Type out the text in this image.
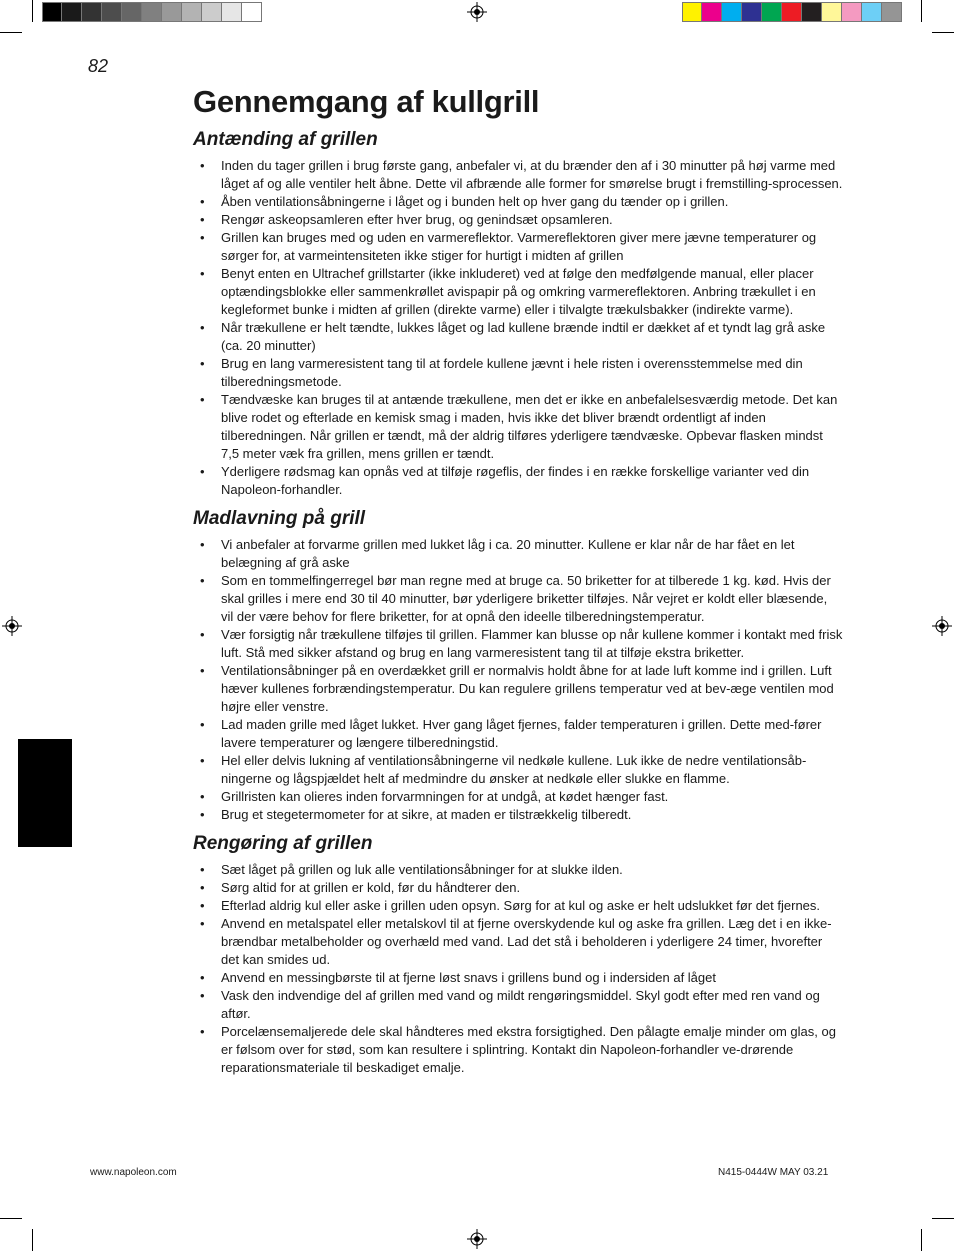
82
Gennemgang af kullgrill
Antænding af grillen
• Inden du tager grillen i brug første gang, anbefaler vi, at du brænder den af i 30 minutter på høj varme med låget af og alle ventiler helt åbne. Dette vil afbrænde alle former for smørelse brugt i fremstilling-sprocessen.
• Åben ventilationsåbningerne i låget og i bunden helt op hver gang du tænder op i grillen.
• Rengør askeopsamleren efter hver brug, og genindsæt opsamleren.
• Grillen kan bruges med og uden en varmereflektor. Varmereflektoren giver mere jævne temperaturer og sørger for, at varmeintensiteten ikke stiger for hurtigt i midten af grillen
• Benyt enten en Ultrachef grillstarter (ikke inkluderet) ved at følge den medfølgende manual, eller placer optændingsblokke eller sammenkrøllet avispapir på og omkring varmereflektoren. Anbring trækullet i en kegleformet bunke i midten af grillen (direkte varme) eller i tilvalgte trækulsbakker (indirekte varme).
• Når trækullene er helt tændte, lukkes låget og lad kullene brænde indtil er dækket af et tyndt lag grå aske (ca. 20 minutter)
• Brug en lang varmeresistent tang til at fordele kullene jævnt i hele risten i overensstemmelse med din tilberedningsmetode.
• Tændvæske kan bruges til at antænde trækullene, men det er ikke en anbefalelsesværdig metode. Det kan blive rodet og efterlade en kemisk smag i maden, hvis ikke det bliver brændt ordentligt af inden tilberedningen. Når grillen er tændt, må der aldrig tilføres yderligere tændvæske. Opbevar flasken mindst 7,5 meter væk fra grillen, mens grillen er tændt.
• Yderligere rødsmag kan opnås ved at tilføje røgeflis, der findes i en række forskellige varianter ved din Napoleon-forhandler.
Madlavning på grill
• Vi anbefaler at forvarme grillen med lukket låg i ca. 20 minutter. Kullene er klar når de har fået en let belægning af grå aske
• Som en tommelfingerregel bør man regne med at bruge ca. 50 briketter for at tilberede 1 kg. kød. Hvis der skal grilles i mere end 30 til 40 minutter, bør yderligere briketter tilføjes. Når vejret er koldt eller blæsende, vil der være behov for flere briketter, for at opnå den ideelle tilberedningstemperatur.
• Vær forsigtig når trækullene tilføjes til grillen. Flammer kan blusse op når kullene kommer i kontakt med frisk luft. Stå med sikker afstand og brug en lang varmeresistent tang til at tilføje ekstra briketter.
• Ventilationsåbninger på en overdækket grill er normalvis holdt åbne for at lade luft komme ind i grillen. Luft hæver kullenes forbrændingstemperatur. Du kan regulere grillens temperatur ved at bev-æge ventilen mod højre eller venstre.
• Lad maden grille med låget lukket. Hver gang låget fjernes, falder temperaturen i grillen. Dette med-fører lavere temperaturer og længere tilberedningstid.
• Hel eller delvis lukning af ventilationsåbningerne vil nedkøle kullene. Luk ikke de nedre ventilationsåb-ningerne og lågspjældet helt af medmindre du ønsker at nedkøle eller slukke en flamme.
• Grillristen kan olieres inden forvarmningen for at undgå, at kødet hænger fast.
• Brug et stegetermometer for at sikre, at maden er tilstrækkelig tilberedt.
Rengøring af grillen
• Sæt låget på grillen og luk alle ventilationsåbninger for at slukke ilden.
• Sørg altid for at grillen er kold, før du håndterer den.
• Efterlad aldrig kul eller aske i grillen uden opsyn. Sørg for at kul og aske er helt udslukket før det fjernes.
• Anvend en metalspatel eller metalskovl til at fjerne overskydende kul og aske fra grillen. Læg det i en ikke-brændbar metalbeholder og overhæld med vand. Lad det stå i beholderen i yderligere 24 timer, hvorefter det kan smides ud.
• Anvend en messingbørste til at fjerne løst snavs i grillens bund og i indersiden af låget
• Vask den indvendige del af grillen med vand og mildt rengøringsmiddel. Skyl godt efter med ren vand og aftør.
• Porcelænsemaljerede dele skal håndteres med ekstra forsigtighed. Den pålagte emalje minder om glas, og er følsom over for stød, som kan resultere i splintring. Kontakt din Napoleon-forhandler ve-drørende reparationsmateriale til beskadiget emalje.
www.napoleon.com	N415-0444W MAY 03.21
